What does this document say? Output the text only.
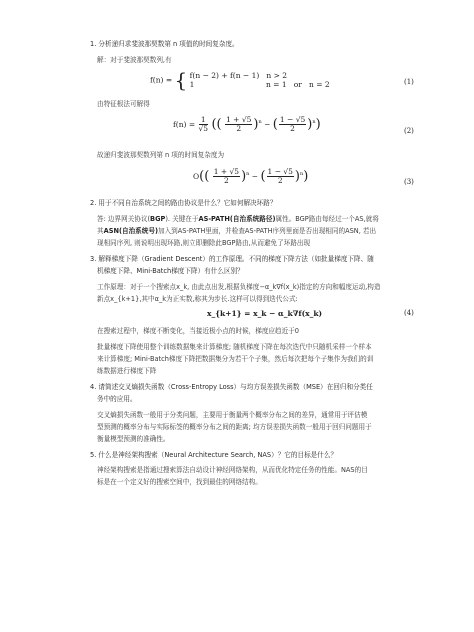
1. 分析递归求斐波那契数第 n 项值的时间复杂度。
解：对于斐波那契数列,有
f(n) = { f(n − 2) + f(n − 1)   n > 2
1                              n = 1   or   n = 2	(1)
由特征根法可解得
$f(n) = \frac{1}{√5}$ (( $\frac{1 + √5}{2} )^n$ − ( $\frac{1 - √5}{2} )^n$)	(2)
故递归斐波那契数列第 n 项的时间复杂度为
$O(( \frac{1 + √5}{2} )^n$ − ( $\frac{1 - √5}{2} )^n$)	(3)
2. 用于不同自治系统之间的路由协议是什么？它如何解决环路？
答: 边界网关协议(BGP). 关键在于AS-PATH(自治系统路径)属性。BGP路由每经过一个AS,就将
其ASN(自治系统号)加入到AS-PATH里面，并检查AS-PATH序列里面是否出现相同的ASN, 若出
现相同序列, 则说明出现环路,则立即删除此BGP路由,从而避免了环路出现
3. 解释梯度下降（Gradient Descent）的工作原理。不同的梯度下降方法（如批量梯度下降、随
机梯度下降、Mini-Batch梯度下降）有什么区别？
工作原理：对于一个搜索点x_k, 由此点出发,根据负梯度−α_k∇f(x_k)指定的方向和幅度运动,构造
新点x_{k+1},其中α_k为正实数,称其为步长.这样可以得到迭代公式:
x_{k+1} = x_k − α_k∇f(x_k)	(4)
在搜索过程中，梯度不断变化，当接近极小点的时候，梯度应趋近于0
批量梯度下降使用整个训练数据集来计算梯度; 随机梯度下降在每次迭代中只随机采样一个样本
来计算梯度; Mini-Batch梯度下降把数据集分为若干个子集，然后每次把每个子集作为我们的训
练数据进行梯度下降
4. 请简述交叉熵损失函数（Cross-Entropy Loss）与均方误差损失函数（MSE）在回归和分类任
务中的应用。
交叉熵损失函数一般用于分类问题，主要用于衡量两个概率分布之间的差异，通常用于评估模
型预测的概率分布与实际标签的概率分布之间的距离; 均方误差损失函数一般用于回归问题用于
衡量模型预测的准确性。
5. 什么是神经架构搜索（Neural Architecture Search, NAS）？它的目标是什么？
神经架构搜索是指通过搜索算法自动设计神经网络架构，从而优化特定任务的性能。NAS的目
标是在一个定义好的搜索空间中，找到最佳的网络结构。
